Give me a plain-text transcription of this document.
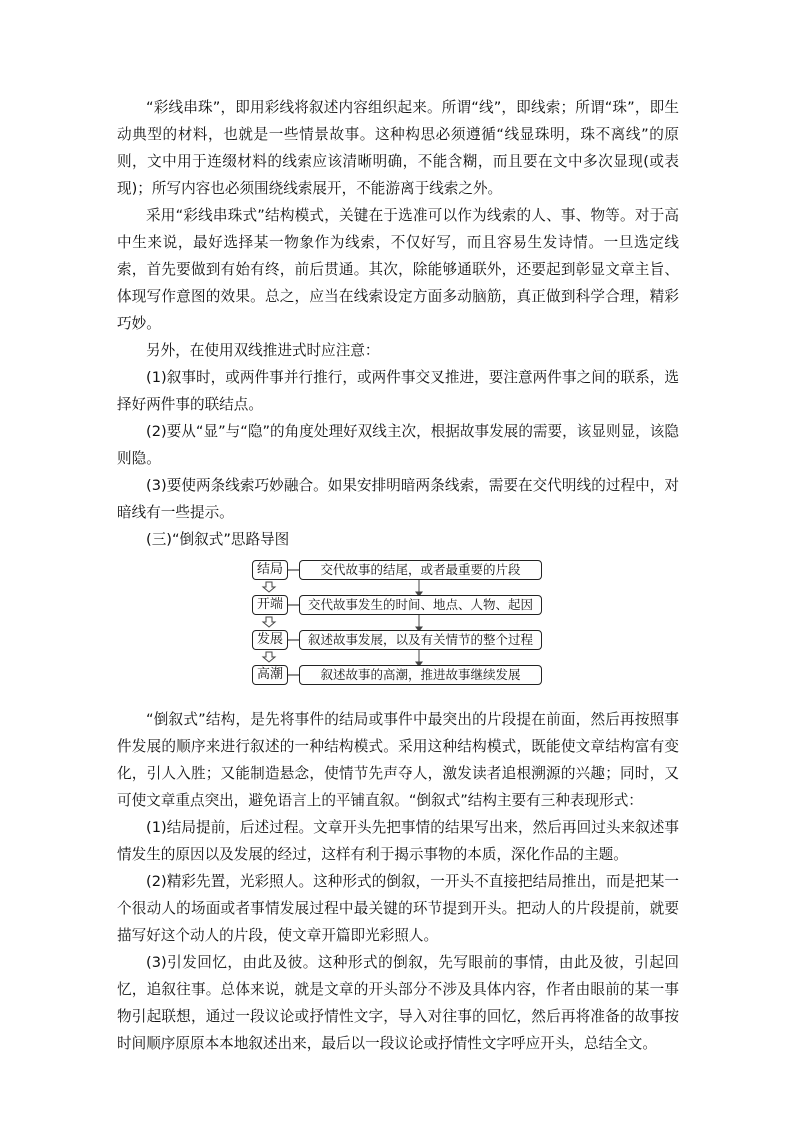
“彩线串珠”，即用彩线将叙述内容组织起来。所谓“线”，即线索；所谓“珠”，即生动典型的材料，也就是一些情景故事。这种构思必须遵循“线显珠明，珠不离线”的原则，文中用于连缀材料的线索应该清晰明确，不能含糊，而且要在文中多次显现(或表现)；所写内容也必须围绕线索展开，不能游离于线索之外。

采用“彩线串珠式”结构模式，关键在于选准可以作为线索的人、事、物等。对于高中生来说，最好选择某一物象作为线索，不仅好写，而且容易生发诗情。一旦选定线索，首先要做到有始有终，前后贯通。其次，除能够通联外，还要起到彰显文章主旨、体现写作意图的效果。总之，应当在线索设定方面多动脑筋，真正做到科学合理，精彩巧妙。

另外，在使用双线推进式时应注意：

(1)叙事时，或两件事并行推行，或两件事交叉推进，要注意两件事之间的联系，选择好两件事的联结点。

(2)要从“显”与“隐”的角度处理好双线主次，根据故事发展的需要，该显则显，该隐则隐。

(3)要使两条线索巧妙融合。如果安排明暗两条线索，需要在交代明线的过程中，对暗线有一些提示。

(三)“倒叙式”思路导图

结局	交代故事的结尾，或者最重要的片段
开端	交代故事发生的时间、地点、人物、起因
发展	叙述故事发展，以及有关情节的整个过程
高潮	叙述故事的高潮，推进故事继续发展

“倒叙式”结构，是先将事件的结局或事件中最突出的片段提在前面，然后再按照事件发展的顺序来进行叙述的一种结构模式。采用这种结构模式，既能使文章结构富有变化，引人入胜；又能制造悬念，使情节先声夺人，激发读者追根溯源的兴趣；同时，又可使文章重点突出，避免语言上的平铺直叙。“倒叙式”结构主要有三种表现形式：

(1)结局提前，后述过程。文章开头先把事情的结果写出来，然后再回过头来叙述事情发生的原因以及发展的经过，这样有利于揭示事物的本质，深化作品的主题。

(2)精彩先置，光彩照人。这种形式的倒叙，一开头不直接把结局推出，而是把某一个很动人的场面或者事情发展过程中最关键的环节提到开头。把动人的片段提前，就要描写好这个动人的片段，使文章开篇即光彩照人。

(3)引发回忆，由此及彼。这种形式的倒叙，先写眼前的事情，由此及彼，引起回忆，追叙往事。总体来说，就是文章的开头部分不涉及具体内容，作者由眼前的某一事物引起联想，通过一段议论或抒情性文字，导入对往事的回忆，然后再将准备的故事按时间顺序原原本本地叙述出来，最后以一段议论或抒情性文字呼应开头，总结全文。
